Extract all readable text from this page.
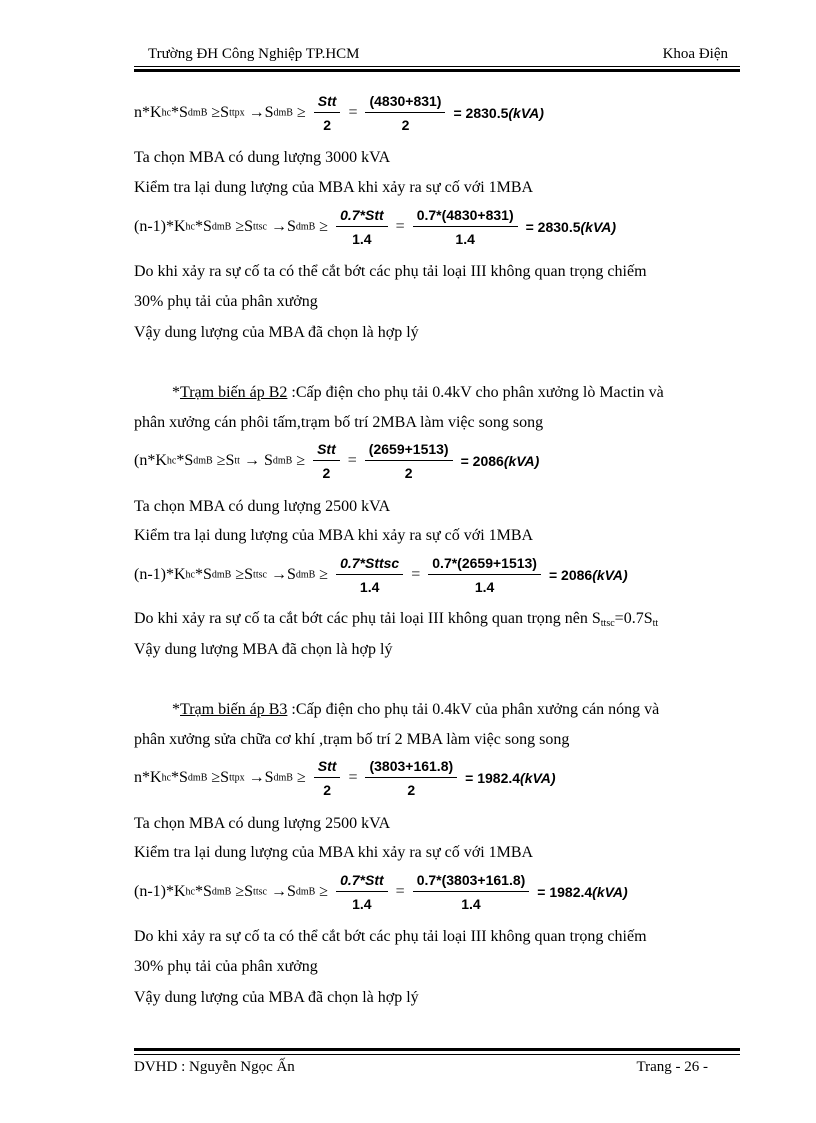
Trường ĐH Công Nghiệp TP.HCM	Khoa Điện
n*Khc*SdmB ≥Sttpx →SdmB ≥ $\frac{\text{Stt}}{2} = \frac{(4830+831)}{2} = 2830.5(kVA)$
Ta chọn MBA có dung lượng 3000 kVA
Kiểm tra lại dung lượng của MBA khi xảy ra sự cố với 1MBA
(n-1)*Khc*SdmB ≥Sttsc →SdmB ≥ $\frac{\text{0.7*Stt}}{1.4} = \frac{0.7*(4830+831)}{1.4} = 2830.5(kVA)$
Do khi xảy ra sự cố ta có thể cắt bớt các phụ tải loại III không quan trọng chiếm
30% phụ tải của phân xưởng
Vậy dung lượng của MBA đã chọn là hợp lý
*Trạm biến áp B2 :Cấp điện cho phụ tải 0.4kV cho phân xưởng lò Mactin và
phân xưởng cán phôi tấm,trạm bố trí 2MBA làm việc song song
(n*Khc*SdmB ≥Stt → SdmB ≥ $\frac{\text{Stt}}{2} = \frac{(2659+1513)}{2} = 2086(kVA)$
Ta chọn MBA có dung lượng 2500 kVA
Kiểm tra lại dung lượng của MBA khi xảy ra sự cố với 1MBA
(n-1)*Khc*SdmB ≥Sttsc →SdmB ≥ $\frac{\text{0.7*Sttsc}}{1.4} = \frac{0.7*(2659+1513)}{1.4} = 2086(kVA)$
Do khi xảy ra sự cố ta cắt bớt các phụ tải loại III không quan trọng nên $S_{ttsc}=0.7S_{tt}$
Vậy dung lượng MBA đã chọn là hợp lý
*Trạm biến áp B3 :Cấp điện cho phụ tải 0.4kV của phân xưởng cán nóng và
phân xưởng sửa chữa cơ khí ,trạm bố trí 2 MBA làm việc song song
n*Khc*SdmB ≥Sttpx →SdmB ≥ $\frac{\text{Stt}}{2} = \frac{(3803+161.8)}{2} = 1982.4(kVA)$
Ta chọn MBA có dung lượng 2500 kVA
Kiểm tra lại dung lượng của MBA khi xảy ra sự cố với 1MBA
(n-1)*Khc*SdmB ≥Sttsc →SdmB ≥ $\frac{\text{0.7*Stt}}{1.4} = \frac{0.7*(3803+161.8)}{1.4} = 1982.4(kVA)$
Do khi xảy ra sự cố ta có thể cắt bớt các phụ tải loại III không quan trọng chiếm
30% phụ tải của phân xưởng
Vậy dung lượng của MBA đã chọn là hợp lý
DVHD : Nguyễn Ngọc Ấn	Trang - 26 -
